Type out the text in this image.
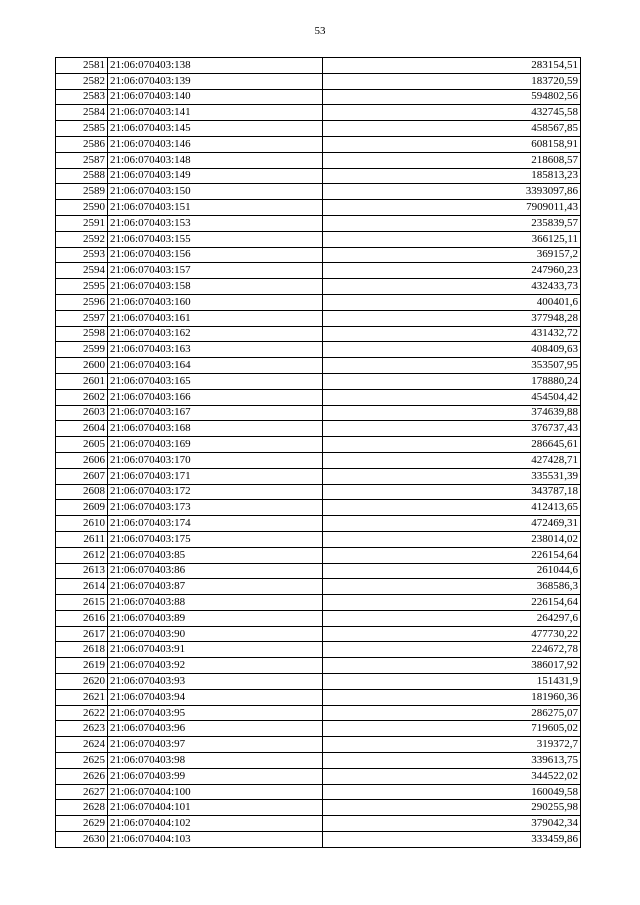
53
2581	21:06:070403:138	283154,51
2582	21:06:070403:139	183720,59
2583	21:06:070403:140	594802,56
2584	21:06:070403:141	432745,58
2585	21:06:070403:145	458567,85
2586	21:06:070403:146	608158,91
2587	21:06:070403:148	218608,57
2588	21:06:070403:149	185813,23
2589	21:06:070403:150	3393097,86
2590	21:06:070403:151	7909011,43
2591	21:06:070403:153	235839,57
2592	21:06:070403:155	366125,11
2593	21:06:070403:156	369157,2
2594	21:06:070403:157	247960,23
2595	21:06:070403:158	432433,73
2596	21:06:070403:160	400401,6
2597	21:06:070403:161	377948,28
2598	21:06:070403:162	431432,72
2599	21:06:070403:163	408409,63
2600	21:06:070403:164	353507,95
2601	21:06:070403:165	178880,24
2602	21:06:070403:166	454504,42
2603	21:06:070403:167	374639,88
2604	21:06:070403:168	376737,43
2605	21:06:070403:169	286645,61
2606	21:06:070403:170	427428,71
2607	21:06:070403:171	335531,39
2608	21:06:070403:172	343787,18
2609	21:06:070403:173	412413,65
2610	21:06:070403:174	472469,31
2611	21:06:070403:175	238014,02
2612	21:06:070403:85	226154,64
2613	21:06:070403:86	261044,6
2614	21:06:070403:87	368586,3
2615	21:06:070403:88	226154,64
2616	21:06:070403:89	264297,6
2617	21:06:070403:90	477730,22
2618	21:06:070403:91	224672,78
2619	21:06:070403:92	386017,92
2620	21:06:070403:93	151431,9
2621	21:06:070403:94	181960,36
2622	21:06:070403:95	286275,07
2623	21:06:070403:96	719605,02
2624	21:06:070403:97	319372,7
2625	21:06:070403:98	339613,75
2626	21:06:070403:99	344522,02
2627	21:06:070404:100	160049,58
2628	21:06:070404:101	290255,98
2629	21:06:070404:102	379042,34
2630	21:06:070404:103	333459,86
